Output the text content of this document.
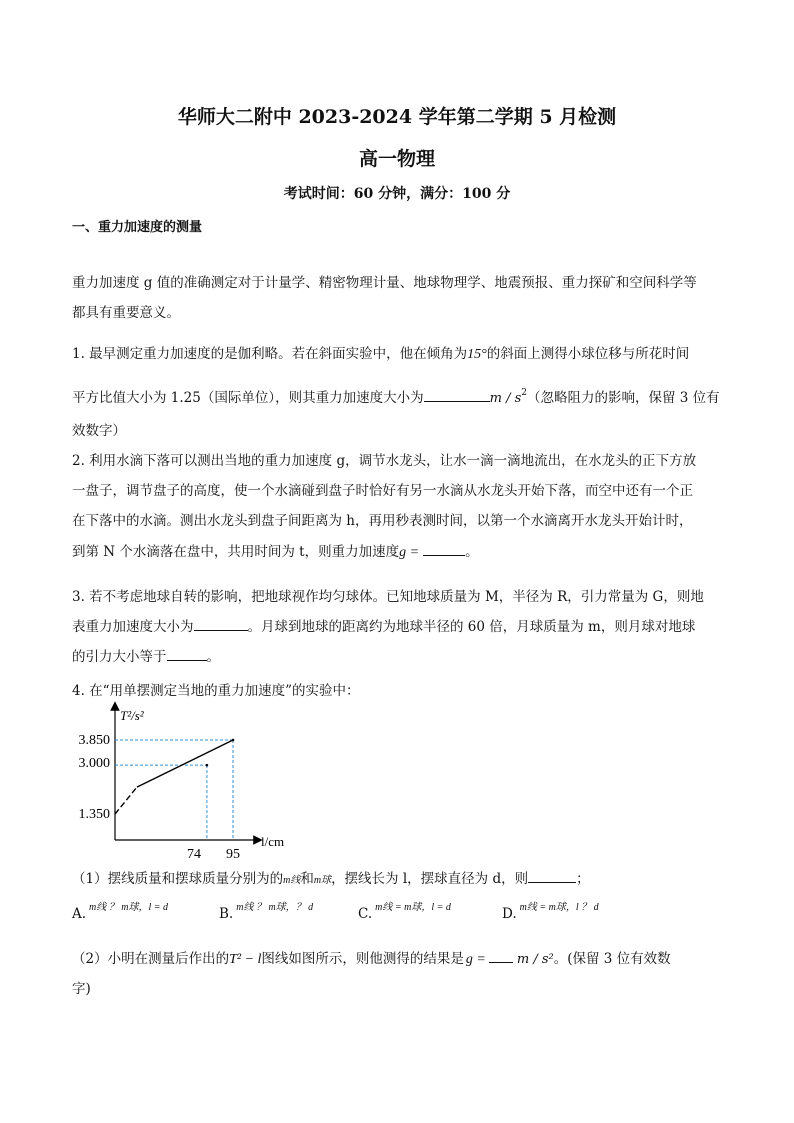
华师大二附中 2023-2024 学年第二学期 5 月检测
高一物理
考试时间：60 分钟，满分：100 分
一、重力加速度的测量
重力加速度 g 值的准确测定对于计量学、精密物理计量、地球物理学、地震预报、重力探矿和空间科学等
都具有重要意义。
1. 最早测定重力加速度的是伽利略。若在斜面实验中，他在倾角为15°的斜面上测得小球位移与所花时间
平方比值大小为 1.25（国际单位），则其重力加速度大小为	m / $s^2$（忽略阻力的影响，保留 3 位有
效数字）
2. 利用水滴下落可以测出当地的重力加速度 g，调节水龙头，让水一滴一滴地流出，在水龙头的正下方放
一盘子，调节盘子的高度，使一个水滴碰到盘子时恰好有另一水滴从水龙头开始下落，而空中还有一个正
在下落中的水滴。测出水龙头到盘子间距离为 h，再用秒表测时间，以第一个水滴离开水龙头开始计时，
到第 N 个水滴落在盘中，共用时间为 t，则重力加速度g =	。
3. 若不考虑地球自转的影响，把地球视作均匀球体。已知地球质量为 M，半径为 R，引力常量为 G，则地
表重力加速度大小为	。月球到地球的距离约为地球半径的 60 倍，月球质量为 m，则月球对地球
的引力大小等于	。
4. 在“用单摆测定当地的重力加速度”的实验中：
T²/s²
l/cm
3.850
3.000
1.350
74 95
（1）摆线质量和摆球质量分别为的m线和m球，摆线长为 l，摆球直径为 d，则	；
A. $^{m线 ? m球,l = d}$	B. $^{m线 ? m球,? d}$	C. $^{m线 = m球,l = d}$	D. $^{m线 = m球,l ? d}$
（2）小明在测量后作出的T² − l图线如图所示，则他测得的结果是 g = m / s²。(保留 3 位有效数
字)
